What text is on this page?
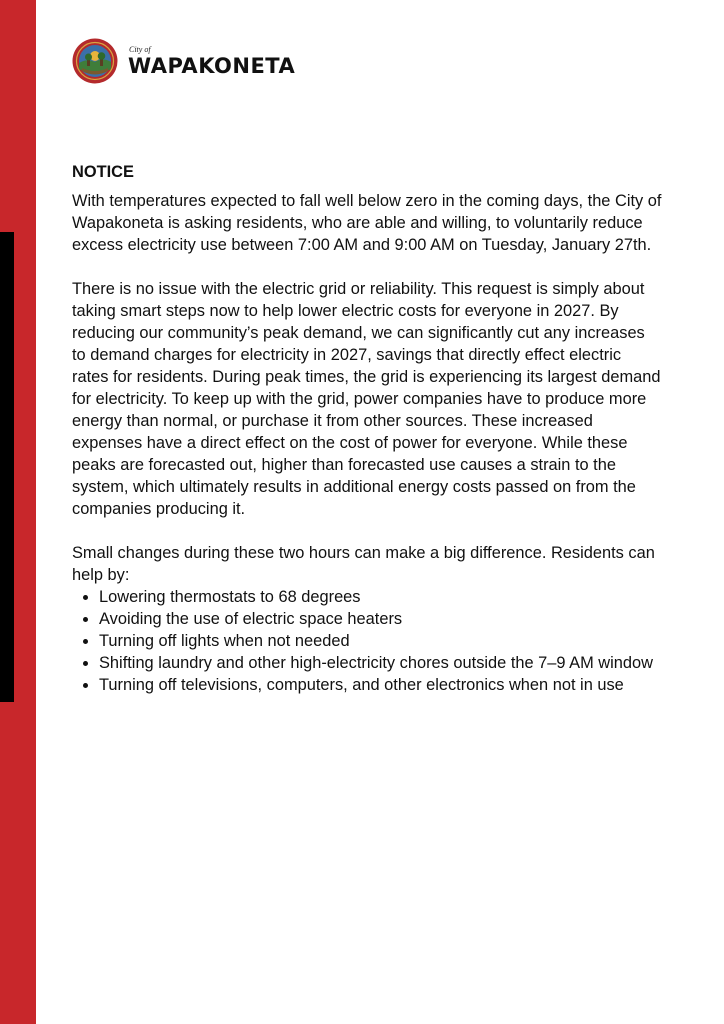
City of
WAPAKONETA

NOTICE

With temperatures expected to fall well below zero in the coming days, the City of Wapakoneta is asking residents, who are able and willing, to voluntarily reduce excess electricity use between 7:00 AM and 9:00 AM on Tuesday, January 27th.

There is no issue with the electric grid or reliability. This request is simply about taking smart steps now to help lower electric costs for everyone in 2027. By reducing our community’s peak demand, we can significantly cut any increases to demand charges for electricity in 2027, savings that directly effect electric rates for residents. During peak times, the grid is experiencing its largest demand for electricity. To keep up with the grid, power companies have to produce more energy than normal, or purchase it from other sources. These increased expenses have a direct effect on the cost of power for everyone. While these peaks are forecasted out, higher than forecasted use causes a strain to the system, which ultimately results in additional energy costs passed on from the companies producing it.

Small changes during these two hours can make a big difference. Residents can help by:

• Lowering thermostats to 68 degrees
• Avoiding the use of electric space heaters
• Turning off lights when not needed
• Shifting laundry and other high-electricity chores outside the 7–9 AM window
• Turning off televisions, computers, and other electronics when not in use
